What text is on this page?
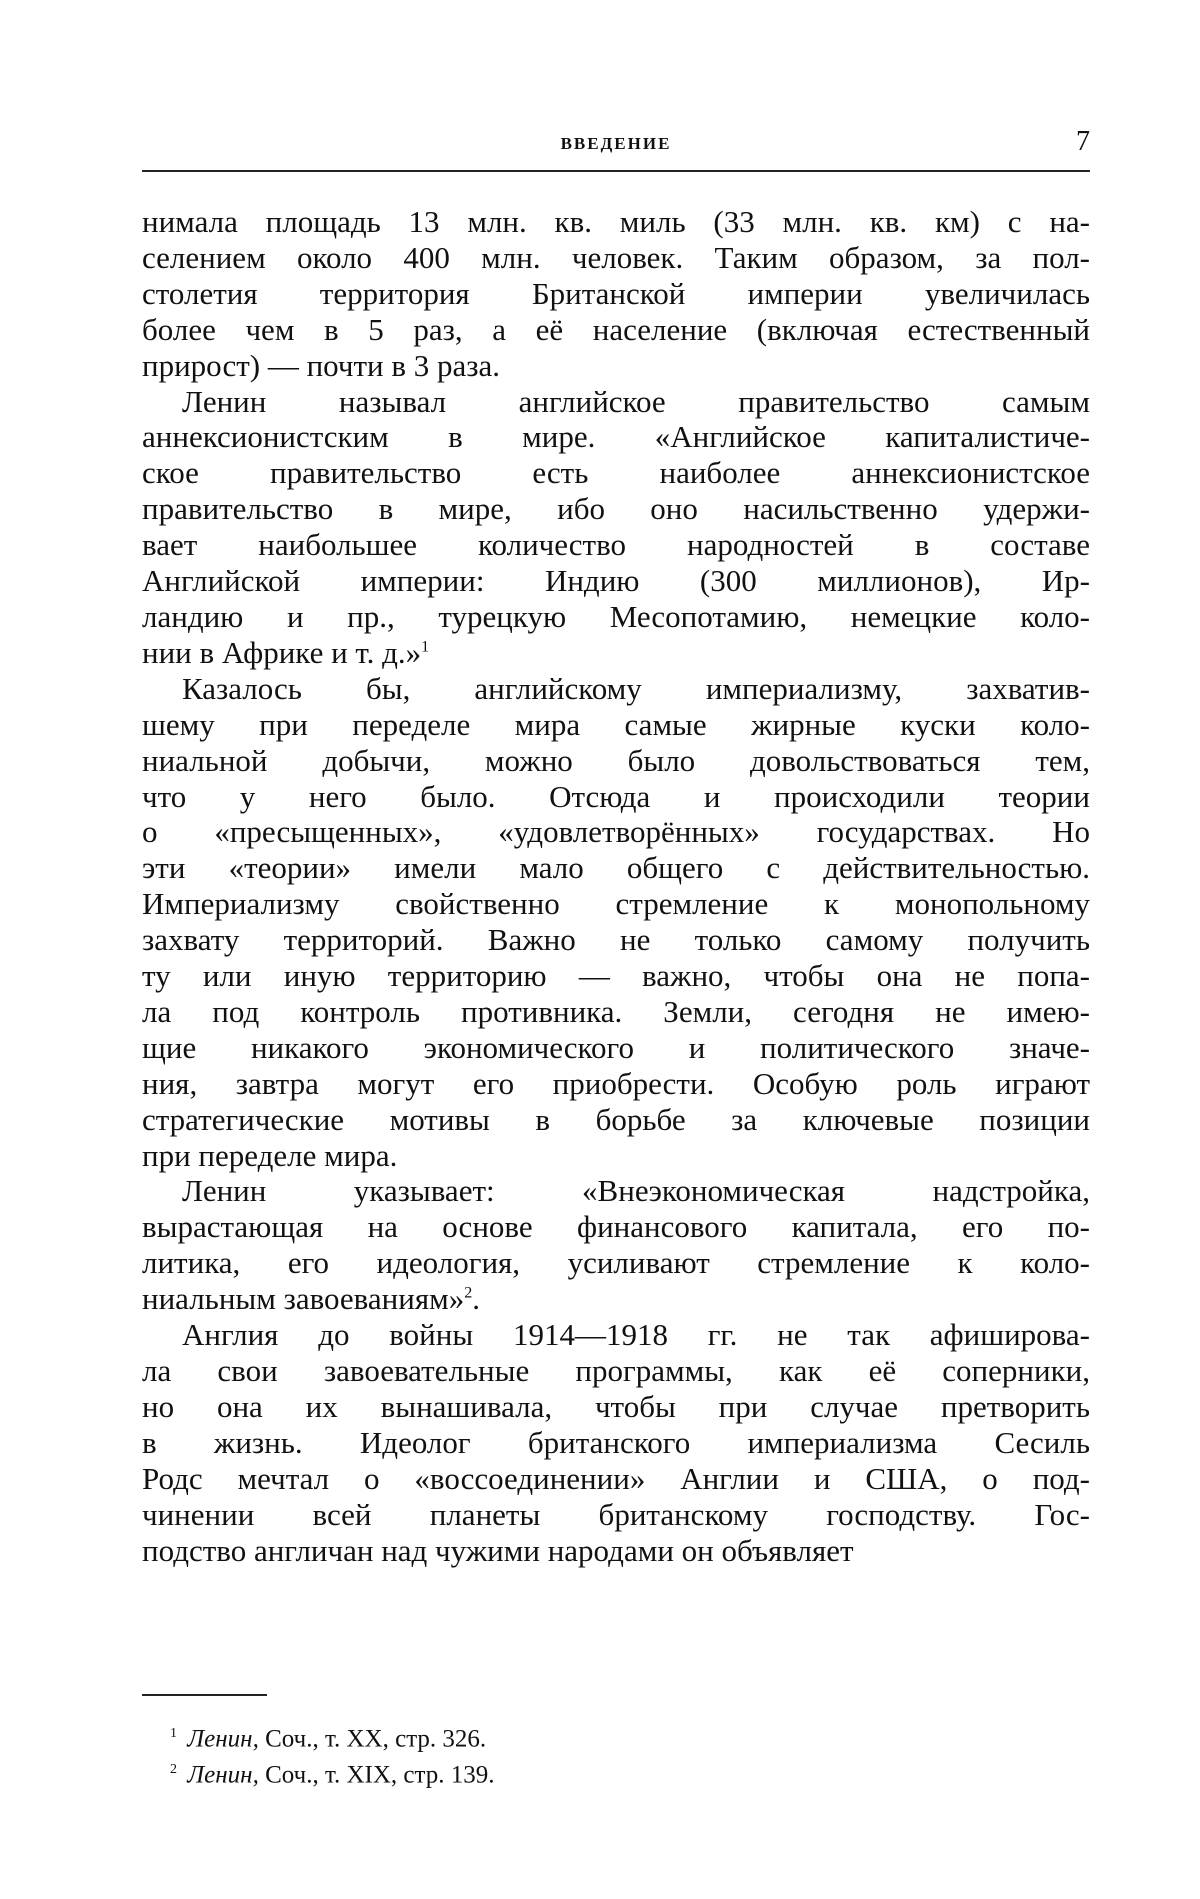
ВВЕДЕНИЕ	7

нимала площадь 13 млн. кв. миль (33 млн. кв. км) с на-

селением около 400 млн. человек. Таким образом, за пол-

столетия территория Британской империи увеличилась

более чем в 5 раз, а её население (включая естественный

прирост) — почти в 3 раза.

Ленин называл английское правительство самым

аннексионистским в мире. «Английское капиталистиче-

ское правительство есть наиболее аннексионистское

правительство в мире, ибо оно насильственно удержи-

вает наибольшее количество народностей в составе

Английской империи: Индию (300 миллионов), Ир-

ландию и пр., турецкую Месопотамию, немецкие коло-

нии в Африке и т. д.»$^1$

Казалось бы, английскому империализму, захватив-

шему при переделе мира самые жирные куски коло-

ниальной добычи, можно было довольствоваться тем,

что у него было. Отсюда и происходили теории

о «пресыщенных», «удовлетворённых» государствах. Но

эти «теории» имели мало общего с действительностью.

Империализму свойственно стремление к монопольному

захвату территорий. Важно не только самому получить

ту или иную территорию — важно, чтобы она не попа-

ла под контроль противника. Земли, сегодня не имею-

щие никакого экономического и политического значе-

ния, завтра могут его приобрести. Особую роль играют

стратегические мотивы в борьбе за ключевые позиции

при переделе мира.

Ленин указывает: «Внеэкономическая надстройка,

вырастающая на основе финансового капитала, его по-

литика, его идеология, усиливают стремление к коло-

ниальным завоеваниям»$^2$.

Англия до войны 1914—1918 гг. не так афиширова-

ла свои завоевательные программы, как её соперники,

но она их вынашивала, чтобы при случае претворить

в жизнь. Идеолог британского империализма Сесиль

Родс мечтал о «воссоединении» Англии и США, о под-

чинении всей планеты британскому господству. Гос-

подство англичан над чужими народами он объявляет

$^1$ Ленин, Соч., т. XX, стр. 326.
$^2$ Ленин, Соч., т. XIX, стр. 139.
